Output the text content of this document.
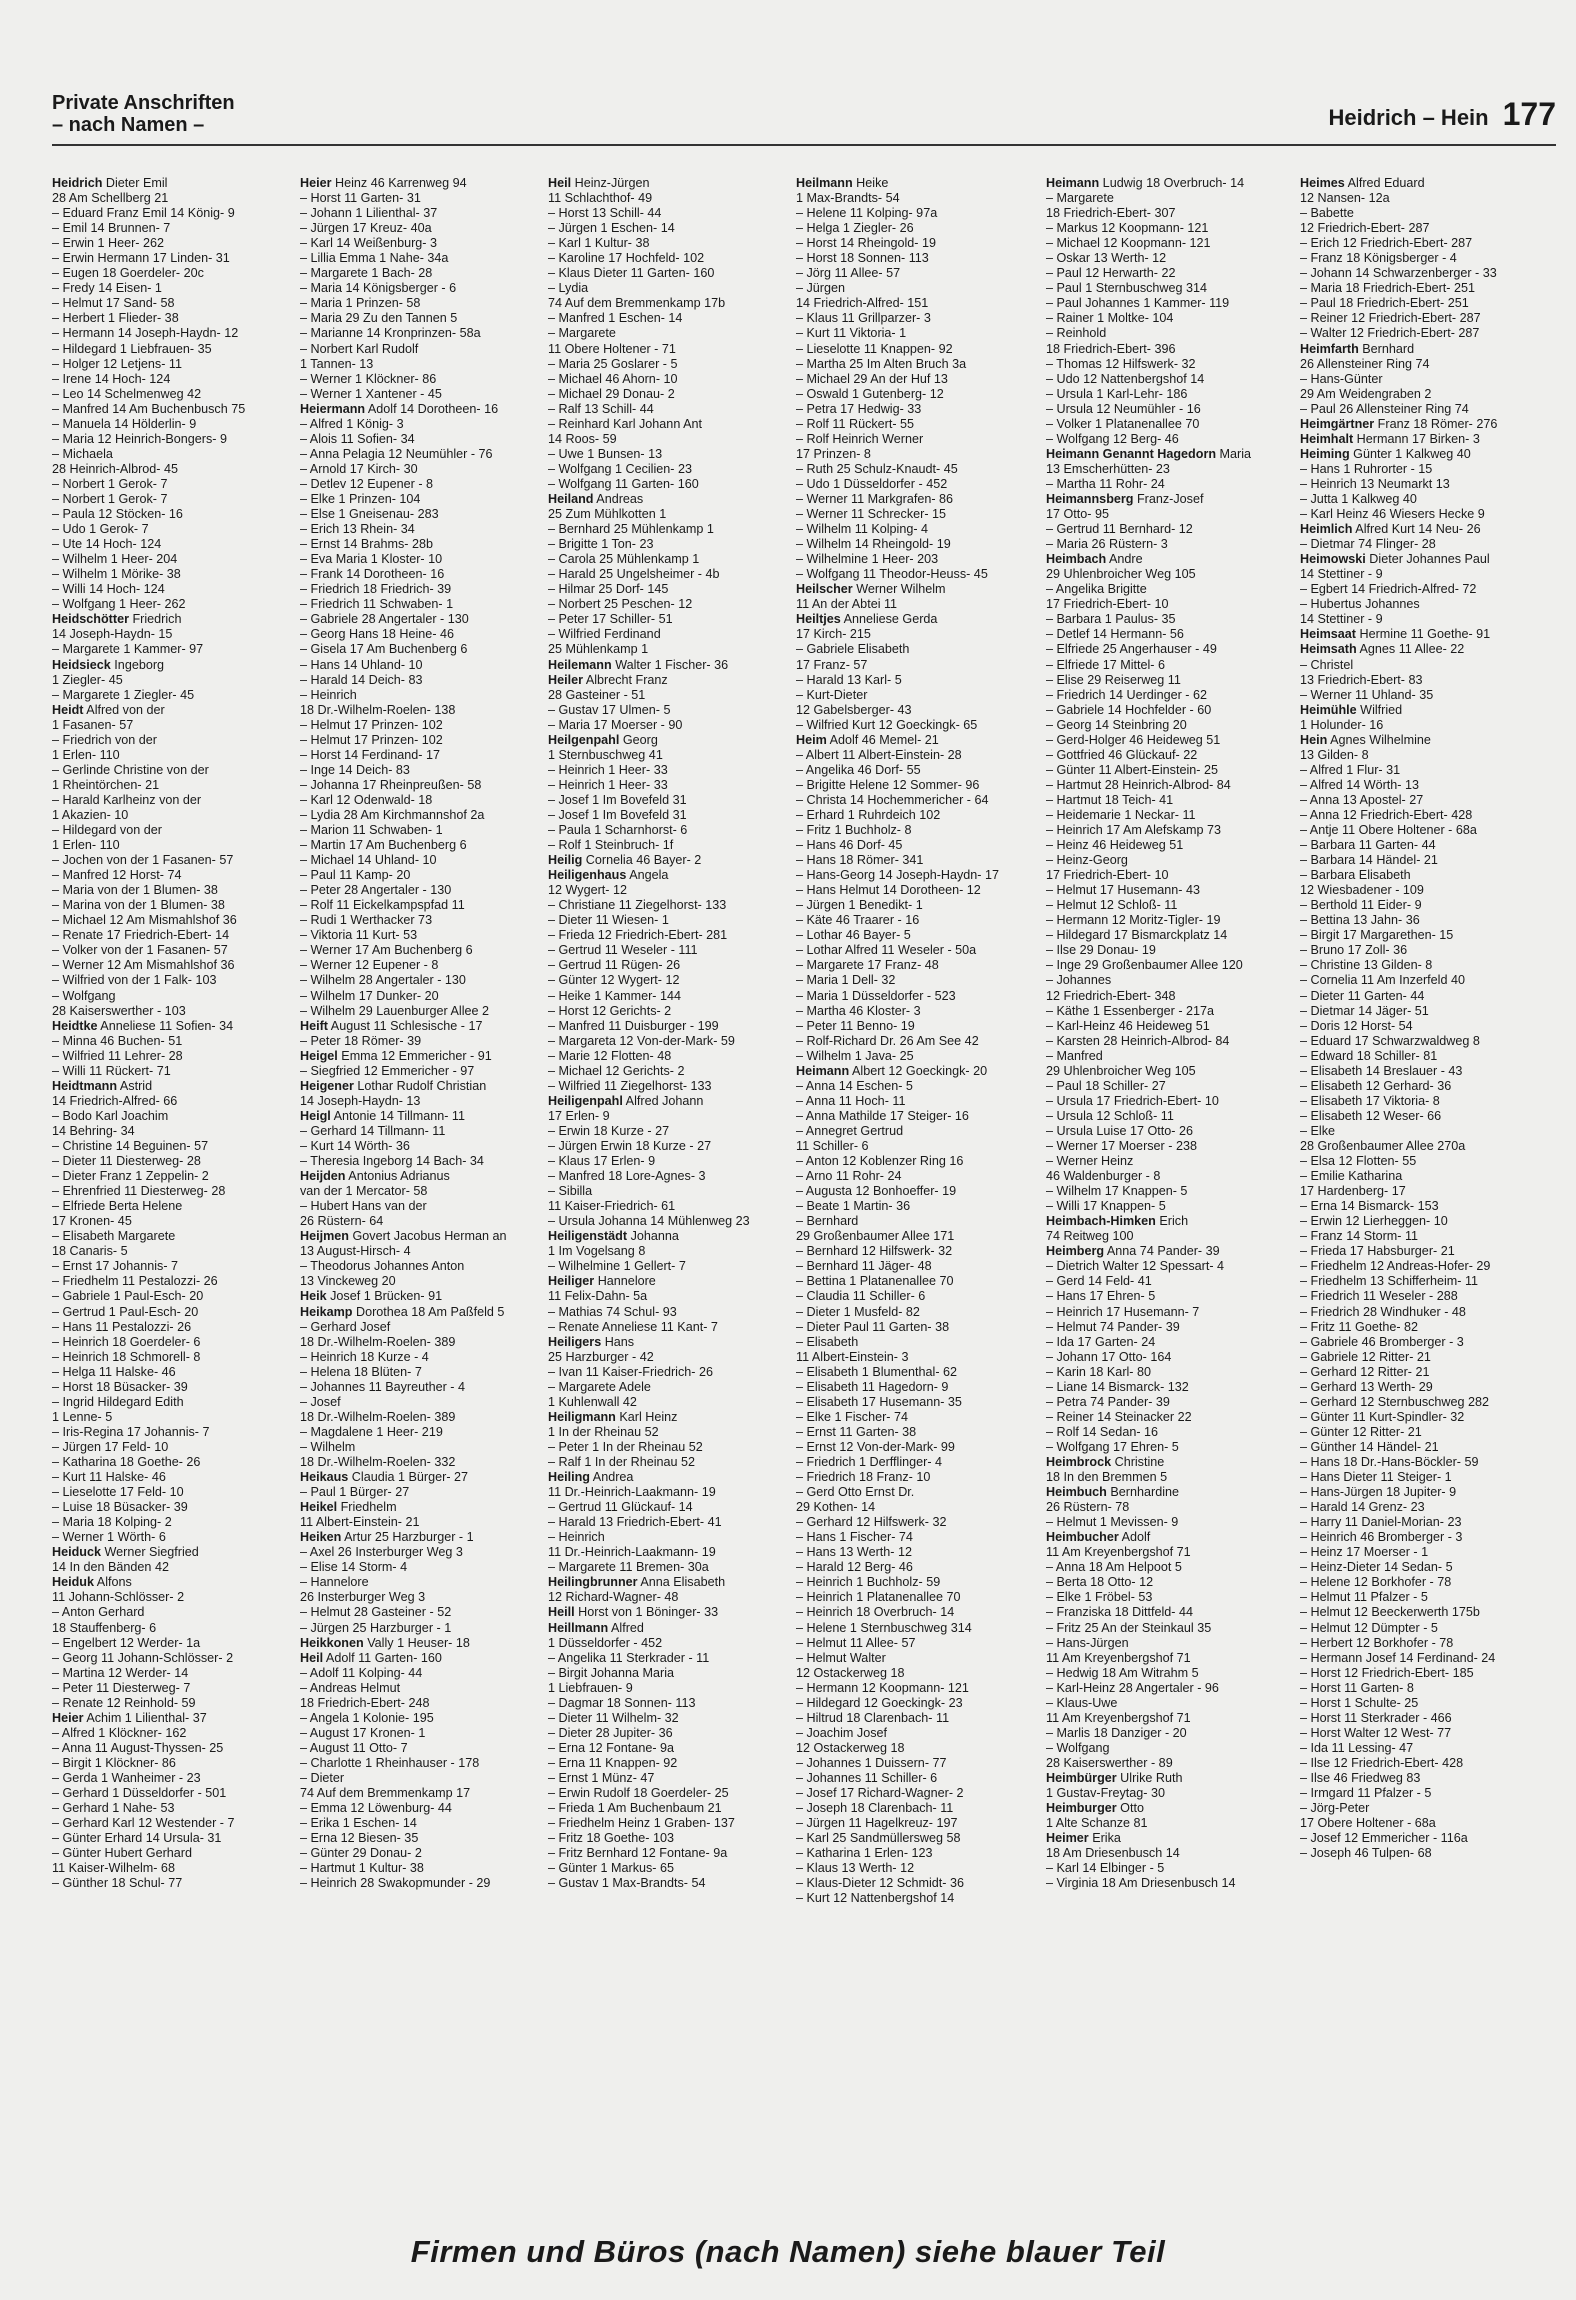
Private Anschriften
– nach Namen –	Heidrich – Hein 177
Heidrich Dieter Emil
28 Am Schellberg 21
– Eduard Franz Emil 14 König- 9
– Emil 14 Brunnen- 7
– Erwin 1 Heer- 262
– Erwin Hermann 17 Linden- 31
– Eugen 18 Goerdeler- 20c
– Fredy 14 Eisen- 1
– Helmut 17 Sand- 58
– Herbert 1 Flieder- 38
– Hermann 14 Joseph-Haydn- 12
– Hildegard 1 Liebfrauen- 35
– Holger 12 Letjens- 11
– Irene 14 Hoch- 124
– Leo 14 Schelmenweg 42
– Manfred 14 Am Buchenbusch 75
– Manuela 14 Hölderlin- 9
– Maria 12 Heinrich-Bongers- 9
– Michaela
28 Heinrich-Albrod- 45
– Norbert 1 Gerok- 7
– Norbert 1 Gerok- 7
– Paula 12 Stöcken- 16
– Udo 1 Gerok- 7
– Ute 14 Hoch- 124
– Wilhelm 1 Heer- 204
– Wilhelm 1 Mörike- 38
– Willi 14 Hoch- 124
– Wolfgang 1 Heer- 262
Heidschötter Friedrich
14 Joseph-Haydn- 15
– Margarete 1 Kammer- 97
Heidsieck Ingeborg
1 Ziegler- 45
– Margarete 1 Ziegler- 45
Heidt Alfred von der
1 Fasanen- 57
– Friedrich von der
1 Erlen- 110
– Gerlinde Christine von der
1 Rheintörchen- 21
– Harald Karlheinz von der
1 Akazien- 10
– Hildegard von der
1 Erlen- 110
– Jochen von der 1 Fasanen- 57
– Manfred 12 Horst- 74
– Maria von der 1 Blumen- 38
– Marina von der 1 Blumen- 38
– Michael 12 Am Mismahlshof 36
– Renate 17 Friedrich-Ebert- 14
– Volker von der 1 Fasanen- 57
– Werner 12 Am Mismahlshof 36
– Wilfried von der 1 Falk- 103
– Wolfgang
28 Kaiserswerther - 103
Heidtke Anneliese 11 Sofien- 34
– Minna 46 Buchen- 51
– Wilfried 11 Lehrer- 28
– Willi 11 Rückert- 71
Heidtmann Astrid
14 Friedrich-Alfred- 66
– Bodo Karl Joachim
14 Behring- 34
– Christine 14 Beguinen- 57
– Dieter 11 Diesterweg- 28
– Dieter Franz 1 Zeppelin- 2
– Ehrenfried 11 Diesterweg- 28
– Elfriede Berta Helene
17 Kronen- 45
– Elisabeth Margarete
18 Canaris- 5
– Ernst 17 Johannis- 7
– Friedhelm 11 Pestalozzi- 26
– Gabriele 1 Paul-Esch- 20
– Gertrud 1 Paul-Esch- 20
– Hans 11 Pestalozzi- 26
– Heinrich 18 Goerdeler- 6
– Heinrich 18 Schmorell- 8
– Helga 11 Halske- 46
– Horst 18 Büsacker- 39
– Ingrid Hildegard Edith
1 Lenne- 5
– Iris-Regina 17 Johannis- 7
– Jürgen 17 Feld- 10
– Katharina 18 Goethe- 26
– Kurt 11 Halske- 46
– Lieselotte 17 Feld- 10
– Luise 18 Büsacker- 39
– Maria 18 Kolping- 2
– Werner 1 Wörth- 6
Heiduck Werner Siegfried
14 In den Bänden 42
Heiduk Alfons
11 Johann-Schlösser- 2
– Anton Gerhard
18 Stauffenberg- 6
– Engelbert 12 Werder- 1a
– Georg 11 Johann-Schlösser- 2
– Martina 12 Werder- 14
– Peter 11 Diesterweg- 7
– Renate 12 Reinhold- 59
Heier Achim 1 Lilienthal- 37
– Alfred 1 Klöckner- 162
– Anna 11 August-Thyssen- 25
– Birgit 1 Klöckner- 86
– Gerda 1 Wanheimer - 23
– Gerhard 1 Düsseldorfer - 501
– Gerhard 1 Nahe- 53
– Gerhard Karl 12 Westender - 7
– Günter Erhard 14 Ursula- 31
– Günter Hubert Gerhard
11 Kaiser-Wilhelm- 68
– Günther 18 Schul- 77
Heier Heinz 46 Karrenweg 94
– Horst 11 Garten- 31
– Johann 1 Lilienthal- 37
– Jürgen 17 Kreuz- 40a
– Karl 14 Weißenburg- 3
– Lillia Emma 1 Nahe- 34a
– Margarete 1 Bach- 28
– Maria 14 Königsberger - 6
– Maria 1 Prinzen- 58
– Maria 29 Zu den Tannen 5
– Marianne 14 Kronprinzen- 58a
– Norbert Karl Rudolf
1 Tannen- 13
– Werner 1 Klöckner- 86
– Werner 1 Xantener - 45
Heiermann Adolf 14 Dorotheen- 16
– Alfred 1 König- 3
– Alois 11 Sofien- 34
– Anna Pelagia 12 Neumühler - 76
– Arnold 17 Kirch- 30
– Detlev 12 Eupener - 8
– Elke 1 Prinzen- 104
– Else 1 Gneisenau- 283
– Erich 13 Rhein- 34
– Ernst 14 Brahms- 28b
– Eva Maria 1 Kloster- 10
– Frank 14 Dorotheen- 16
– Friedrich 18 Friedrich- 39
– Friedrich 11 Schwaben- 1
– Gabriele 28 Angertaler - 130
– Georg Hans 18 Heine- 46
– Gisela 17 Am Buchenberg 6
– Hans 14 Uhland- 10
– Harald 14 Deich- 83
– Heinrich
18 Dr.-Wilhelm-Roelen- 138
– Helmut 17 Prinzen- 102
– Helmut 17 Prinzen- 102
– Horst 14 Ferdinand- 17
– Inge 14 Deich- 83
– Johanna 17 Rheinpreußen- 58
– Karl 12 Odenwald- 18
– Lydia 28 Am Kirchmannshof 2a
– Marion 11 Schwaben- 1
– Martin 17 Am Buchenberg 6
– Michael 14 Uhland- 10
– Paul 11 Kamp- 20
– Peter 28 Angertaler - 130
– Rolf 11 Eickelkampspfad 11
– Rudi 1 Werthacker 73
– Viktoria 11 Kurt- 53
– Werner 17 Am Buchenberg 6
– Werner 12 Eupener - 8
– Wilhelm 28 Angertaler - 130
– Wilhelm 17 Dunker- 20
– Wilhelm 29 Lauenburger Allee 2
Heift August 11 Schlesische - 17
– Peter 18 Römer- 39
Heigel Emma 12 Emmericher - 91
– Siegfried 12 Emmericher - 97
Heigener Lothar Rudolf Christian
14 Joseph-Haydn- 13
Heigl Antonie 14 Tillmann- 11
– Gerhard 14 Tillmann- 11
– Kurt 14 Wörth- 36
– Theresia Ingeborg 14 Bach- 34
Heijden Antonius Adrianus
van der 1 Mercator- 58
– Hubert Hans van der
26 Rüstern- 64
Heijmen Govert Jacobus Herman an
13 August-Hirsch- 4
– Theodorus Johannes Anton
13 Vinckeweg 20
Heik Josef 1 Brücken- 91
Heikamp Dorothea 18 Am Paßfeld 5
– Gerhard Josef
18 Dr.-Wilhelm-Roelen- 389
– Heinrich 18 Kurze - 4
– Helena 18 Blüten- 7
– Johannes 11 Bayreuther - 4
– Josef
18 Dr.-Wilhelm-Roelen- 389
– Magdalene 1 Heer- 219
– Wilhelm
18 Dr.-Wilhelm-Roelen- 332
Heikaus Claudia 1 Bürger- 27
– Paul 1 Bürger- 27
Heikel Friedhelm
11 Albert-Einstein- 21
Heiken Artur 25 Harzburger - 1
– Axel 26 Insterburger Weg 3
– Elise 14 Storm- 4
– Hannelore
26 Insterburger Weg 3
– Helmut 28 Gasteiner - 52
– Jürgen 25 Harzburger - 1
Heikkonen Vally 1 Heuser- 18
Heil Adolf 11 Garten- 160
– Adolf 11 Kolping- 44
– Andreas Helmut
18 Friedrich-Ebert- 248
– Angela 1 Kolonie- 195
– August 17 Kronen- 1
– August 11 Otto- 7
– Charlotte 1 Rheinhauser - 178
– Dieter
74 Auf dem Bremmenkamp 17
– Emma 12 Löwenburg- 44
– Erika 1 Eschen- 14
– Erna 12 Biesen- 35
– Günter 29 Donau- 2
– Hartmut 1 Kultur- 38
– Heinrich 28 Swakopmunder - 29
Heil Heinz-Jürgen
11 Schlachthof- 49
– Horst 13 Schill- 44
– Jürgen 1 Eschen- 14
– Karl 1 Kultur- 38
– Karoline 17 Hochfeld- 102
– Klaus Dieter 11 Garten- 160
– Lydia
74 Auf dem Bremmenkamp 17b
– Manfred 1 Eschen- 14
– Margarete
11 Obere Holtener - 71
– Maria 25 Goslarer - 5
– Michael 46 Ahorn- 10
– Michael 29 Donau- 2
– Ralf 13 Schill- 44
– Reinhard Karl Johann Ant
14 Roos- 59
– Uwe 1 Bunsen- 13
– Wolfgang 1 Cecilien- 23
– Wolfgang 11 Garten- 160
Heiland Andreas
25 Zum Mühlkotten 1
– Bernhard 25 Mühlenkamp 1
– Brigitte 1 Ton- 23
– Carola 25 Mühlenkamp 1
– Harald 25 Ungelsheimer - 4b
– Hilmar 25 Dorf- 145
– Norbert 25 Peschen- 12
– Peter 17 Schiller- 51
– Wilfried Ferdinand
25 Mühlenkamp 1
Heilemann Walter 1 Fischer- 36
Heiler Albrecht Franz
28 Gasteiner - 51
– Gustav 17 Ulmen- 5
– Maria 17 Moerser - 90
Heilgenpahl Georg
1 Sternbuschweg 41
– Heinrich 1 Heer- 33
– Heinrich 1 Heer- 33
– Josef 1 Im Bovefeld 31
– Josef 1 Im Bovefeld 31
– Paula 1 Scharnhorst- 6
– Rolf 1 Steinbruch- 1f
Heilig Cornelia 46 Bayer- 2
Heiligenhaus Angela
12 Wygert- 12
– Christiane 11 Ziegelhorst- 133
– Dieter 11 Wiesen- 1
– Frieda 12 Friedrich-Ebert- 281
– Gertrud 11 Weseler - 111
– Gertrud 11 Rügen- 26
– Günter 12 Wygert- 12
– Heike 1 Kammer- 144
– Horst 12 Gerichts- 2
– Manfred 11 Duisburger - 199
– Margareta 12 Von-der-Mark- 59
– Marie 12 Flotten- 48
– Michael 12 Gerichts- 2
– Wilfried 11 Ziegelhorst- 133
Heiligenpahl Alfred Johann
17 Erlen- 9
– Erwin 18 Kurze - 27
– Jürgen Erwin 18 Kurze - 27
– Klaus 17 Erlen- 9
– Manfred 18 Lore-Agnes- 3
– Sibilla
11 Kaiser-Friedrich- 61
– Ursula Johanna 14 Mühlenweg 23
Heiligenstädt Johanna
1 Im Vogelsang 8
– Wilhelmine 1 Gellert- 7
Heiliger Hannelore
11 Felix-Dahn- 5a
– Mathias 74 Schul- 93
– Renate Anneliese 11 Kant- 7
Heiligers Hans
25 Harzburger - 42
– Ivan 11 Kaiser-Friedrich- 26
– Margarete Adele
1 Kuhlenwall 42
Heiligmann Karl Heinz
1 In der Rheinau 52
– Peter 1 In der Rheinau 52
– Ralf 1 In der Rheinau 52
Heiling Andrea
11 Dr.-Heinrich-Laakmann- 19
– Gertrud 11 Glückauf- 14
– Harald 13 Friedrich-Ebert- 41
– Heinrich
11 Dr.-Heinrich-Laakmann- 19
– Margarete 11 Bremen- 30a
Heilingbrunner Anna Elisabeth
12 Richard-Wagner- 48
Heill Horst von 1 Böninger- 33
Heillmann Alfred
1 Düsseldorfer - 452
– Angelika 11 Sterkrader - 11
– Birgit Johanna Maria
1 Liebfrauen- 9
– Dagmar 18 Sonnen- 113
– Dieter 11 Wilhelm- 32
– Dieter 28 Jupiter- 36
– Erna 12 Fontane- 9a
– Erna 11 Knappen- 92
– Ernst 1 Münz- 47
– Erwin Rudolf 18 Goerdeler- 25
– Frieda 1 Am Buchenbaum 21
– Friedhelm Heinz 1 Graben- 137
– Fritz 18 Goethe- 103
– Fritz Bernhard 12 Fontane- 9a
– Günter 1 Markus- 65
– Gustav 1 Max-Brandts- 54
Heilmann Heike
1 Max-Brandts- 54
– Helene 11 Kolping- 97a
– Helga 1 Ziegler- 26
– Horst 14 Rheingold- 19
– Horst 18 Sonnen- 113
– Jörg 11 Allee- 57
– Jürgen
14 Friedrich-Alfred- 151
– Klaus 11 Grillparzer- 3
– Kurt 11 Viktoria- 1
– Lieselotte 11 Knappen- 92
– Martha 25 Im Alten Bruch 3a
– Michael 29 An der Huf 13
– Oswald 1 Gutenberg- 12
– Petra 17 Hedwig- 33
– Rolf 11 Rückert- 55
– Rolf Heinrich Werner
17 Prinzen- 8
– Ruth 25 Schulz-Knaudt- 45
– Udo 1 Düsseldorfer - 452
– Werner 11 Markgrafen- 86
– Werner 11 Schrecker- 15
– Wilhelm 11 Kolping- 4
– Wilhelm 14 Rheingold- 19
– Wilhelmine 1 Heer- 203
– Wolfgang 11 Theodor-Heuss- 45
Heilscher Werner Wilhelm
11 An der Abtei 11
Heiltjes Anneliese Gerda
17 Kirch- 215
– Gabriele Elisabeth
17 Franz- 57
– Harald 13 Karl- 5
– Kurt-Dieter
12 Gabelsberger- 43
– Wilfried Kurt 12 Goeckingk- 65
Heim Adolf 46 Memel- 21
– Albert 11 Albert-Einstein- 28
– Angelika 46 Dorf- 55
– Brigitte Helene 12 Sommer- 96
– Christa 14 Hochemmericher - 64
– Erhard 1 Ruhrdeich 102
– Fritz 1 Buchholz- 8
– Hans 46 Dorf- 45
– Hans 18 Römer- 341
– Hans-Georg 14 Joseph-Haydn- 17
– Hans Helmut 14 Dorotheen- 12
– Jürgen 1 Benedikt- 1
– Käte 46 Traarer - 16
– Lothar 46 Bayer- 5
– Lothar Alfred 11 Weseler - 50a
– Margarete 17 Franz- 48
– Maria 1 Dell- 32
– Maria 1 Düsseldorfer - 523
– Martha 46 Kloster- 3
– Peter 11 Benno- 19
– Rolf-Richard Dr. 26 Am See 42
– Wilhelm 1 Java- 25
Heimann Albert 12 Goeckingk- 20
– Anna 14 Eschen- 5
– Anna 11 Hoch- 11
– Anna Mathilde 17 Steiger- 16
– Annegret Gertrud
11 Schiller- 6
– Anton 12 Koblenzer Ring 16
– Arno 11 Rohr- 24
– Augusta 12 Bonhoeffer- 19
– Beate 1 Martin- 36
– Bernhard
29 Großenbaumer Allee 171
– Bernhard 12 Hilfswerk- 32
– Bernhard 11 Jäger- 48
– Bettina 1 Platanenallee 70
– Claudia 11 Schiller- 6
– Dieter 1 Musfeld- 82
– Dieter Paul 11 Garten- 38
– Elisabeth
11 Albert-Einstein- 3
– Elisabeth 1 Blumenthal- 62
– Elisabeth 11 Hagedorn- 9
– Elisabeth 17 Husemann- 35
– Elke 1 Fischer- 74
– Ernst 11 Garten- 38
– Ernst 12 Von-der-Mark- 99
– Friedrich 1 Derfflinger- 4
– Friedrich 18 Franz- 10
– Gerd Otto Ernst Dr.
29 Kothen- 14
– Gerhard 12 Hilfswerk- 32
– Hans 1 Fischer- 74
– Hans 13 Werth- 12
– Harald 12 Berg- 46
– Heinrich 1 Buchholz- 59
– Heinrich 1 Platanenallee 70
– Heinrich 18 Overbruch- 14
– Helene 1 Sternbuschweg 314
– Helmut 11 Allee- 57
– Helmut Walter
12 Ostackerweg 18
– Hermann 12 Koopmann- 121
– Hildegard 12 Goeckingk- 23
– Hiltrud 18 Clarenbach- 11
– Joachim Josef
12 Ostackerweg 18
– Johannes 1 Duissern- 77
– Johannes 11 Schiller- 6
– Josef 17 Richard-Wagner- 2
– Joseph 18 Clarenbach- 11
– Jürgen 11 Hagelkreuz- 197
– Karl 25 Sandmüllersweg 58
– Katharina 1 Erlen- 123
– Klaus 13 Werth- 12
– Klaus-Dieter 12 Schmidt- 36
– Kurt 12 Nattenbergshof 14
Heimann Ludwig 18 Overbruch- 14
– Margarete
18 Friedrich-Ebert- 307
– Markus 12 Koopmann- 121
– Michael 12 Koopmann- 121
– Oskar 13 Werth- 12
– Paul 12 Herwarth- 22
– Paul 1 Sternbuschweg 314
– Paul Johannes 1 Kammer- 119
– Rainer 1 Moltke- 104
– Reinhold
18 Friedrich-Ebert- 396
– Thomas 12 Hilfswerk- 32
– Udo 12 Nattenbergshof 14
– Ursula 1 Karl-Lehr- 186
– Ursula 12 Neumühler - 16
– Volker 1 Platanenallee 70
– Wolfgang 12 Berg- 46
Heimann Genannt Hagedorn Maria
13 Emscherhütten- 23
– Martha 11 Rohr- 24
Heimannsberg Franz-Josef
17 Otto- 95
– Gertrud 11 Bernhard- 12
– Maria 26 Rüstern- 3
Heimbach Andre
29 Uhlenbroicher Weg 105
– Angelika Brigitte
17 Friedrich-Ebert- 10
– Barbara 1 Paulus- 35
– Detlef 14 Hermann- 56
– Elfriede 25 Angerhauser - 49
– Elfriede 17 Mittel- 6
– Elise 29 Reiserweg 11
– Friedrich 14 Uerdinger - 62
– Gabriele 14 Hochfelder - 60
– Georg 14 Steinbring 20
– Gerd-Holger 46 Heideweg 51
– Gottfried 46 Glückauf- 22
– Günter 11 Albert-Einstein- 25
– Hartmut 28 Heinrich-Albrod- 84
– Hartmut 18 Teich- 41
– Heidemarie 1 Neckar- 11
– Heinrich 17 Am Alefskamp 73
– Heinz 46 Heideweg 51
– Heinz-Georg
17 Friedrich-Ebert- 10
– Helmut 17 Husemann- 43
– Helmut 12 Schloß- 11
– Hermann 12 Moritz-Tigler- 19
– Hildegard 17 Bismarckplatz 14
– Ilse 29 Donau- 19
– Inge 29 Großenbaumer Allee 120
– Johannes
12 Friedrich-Ebert- 348
– Käthe 1 Essenberger - 217a
– Karl-Heinz 46 Heideweg 51
– Karsten 28 Heinrich-Albrod- 84
– Manfred
29 Uhlenbroicher Weg 105
– Paul 18 Schiller- 27
– Ursula 17 Friedrich-Ebert- 10
– Ursula 12 Schloß- 11
– Ursula Luise 17 Otto- 26
– Werner 17 Moerser - 238
– Werner Heinz
46 Waldenburger - 8
– Wilhelm 17 Knappen- 5
– Willi 17 Knappen- 5
Heimbach-Himken Erich
74 Reitweg 100
Heimberg Anna 74 Pander- 39
– Dietrich Walter 12 Spessart- 4
– Gerd 14 Feld- 41
– Hans 17 Ehren- 5
– Heinrich 17 Husemann- 7
– Helmut 74 Pander- 39
– Ida 17 Garten- 24
– Johann 17 Otto- 164
– Karin 18 Karl- 80
– Liane 14 Bismarck- 132
– Petra 74 Pander- 39
– Reiner 14 Steinacker 22
– Rolf 14 Sedan- 16
– Wolfgang 17 Ehren- 5
Heimbrock Christine
18 In den Bremmen 5
Heimbuch Bernhardine
26 Rüstern- 78
– Helmut 1 Mevissen- 9
Heimbucher Adolf
11 Am Kreyenbergshof 71
– Anna 18 Am Helpoot 5
– Berta 18 Otto- 12
– Elke 1 Fröbel- 53
– Franziska 18 Dittfeld- 44
– Fritz 25 An der Steinkaul 35
– Hans-Jürgen
11 Am Kreyenbergshof 71
– Hedwig 18 Am Witrahm 5
– Karl-Heinz 28 Angertaler - 96
– Klaus-Uwe
11 Am Kreyenbergshof 71
– Marlis 18 Danziger - 20
– Wolfgang
28 Kaiserswerther - 89
Heimbürger Ulrike Ruth
1 Gustav-Freytag- 30
Heimburger Otto
1 Alte Schanze 81
Heimer Erika
18 Am Driesenbusch 14
– Karl 14 Elbinger - 5
– Virginia 18 Am Driesenbusch 14
Heimes Alfred Eduard
12 Nansen- 12a
– Babette
12 Friedrich-Ebert- 287
– Erich 12 Friedrich-Ebert- 287
– Franz 18 Königsberger - 4
– Johann 14 Schwarzenberger - 33
– Maria 18 Friedrich-Ebert- 251
– Paul 18 Friedrich-Ebert- 251
– Reiner 12 Friedrich-Ebert- 287
– Walter 12 Friedrich-Ebert- 287
Heimfarth Bernhard
26 Allensteiner Ring 74
– Hans-Günter
29 Am Weidengraben 2
– Paul 26 Allensteiner Ring 74
Heimgärtner Franz 18 Römer- 276
Heimhalt Hermann 17 Birken- 3
Heiming Günter 1 Kalkweg 40
– Hans 1 Ruhrorter - 15
– Heinrich 13 Neumarkt 13
– Jutta 1 Kalkweg 40
– Karl Heinz 46 Wiesers Hecke 9
Heimlich Alfred Kurt 14 Neu- 26
– Dietmar 74 Flinger- 28
Heimowski Dieter Johannes Paul
14 Stettiner - 9
– Egbert 14 Friedrich-Alfred- 72
– Hubertus Johannes
14 Stettiner - 9
Heimsaat Hermine 11 Goethe- 91
Heimsath Agnes 11 Allee- 22
– Christel
13 Friedrich-Ebert- 83
– Werner 11 Uhland- 35
Heimühle Wilfried
1 Holunder- 16
Hein Agnes Wilhelmine
13 Gilden- 8
– Alfred 1 Flur- 31
– Alfred 14 Wörth- 13
– Anna 13 Apostel- 27
– Anna 12 Friedrich-Ebert- 428
– Antje 11 Obere Holtener - 68a
– Barbara 11 Garten- 44
– Barbara 14 Händel- 21
– Barbara Elisabeth
12 Wiesbadener - 109
– Berthold 11 Eider- 9
– Bettina 13 Jahn- 36
– Birgit 17 Margarethen- 15
– Bruno 17 Zoll- 36
– Christine 13 Gilden- 8
– Cornelia 11 Am Inzerfeld 40
– Dieter 11 Garten- 44
– Dietmar 14 Jäger- 51
– Doris 12 Horst- 54
– Eduard 17 Schwarzwaldweg 8
– Edward 18 Schiller- 81
– Elisabeth 14 Breslauer - 43
– Elisabeth 12 Gerhard- 36
– Elisabeth 17 Viktoria- 8
– Elisabeth 12 Weser- 66
– Elke
28 Großenbaumer Allee 270a
– Elsa 12 Flotten- 55
– Emilie Katharina
17 Hardenberg- 17
– Erna 14 Bismarck- 153
– Erwin 12 Lierheggen- 10
– Franz 14 Storm- 11
– Frieda 17 Habsburger- 21
– Friedhelm 12 Andreas-Hofer- 29
– Friedhelm 13 Schifferheim- 11
– Friedrich 11 Weseler - 288
– Friedrich 28 Windhuker - 48
– Fritz 11 Goethe- 82
– Gabriele 46 Bromberger - 3
– Gabriele 12 Ritter- 21
– Gerhard 12 Ritter- 21
– Gerhard 13 Werth- 29
– Gerhard 12 Sternbuschweg 282
– Günter 11 Kurt-Spindler- 32
– Günter 12 Ritter- 21
– Günther 14 Händel- 21
– Hans 18 Dr.-Hans-Böckler- 59
– Hans Dieter 11 Steiger- 1
– Hans-Jürgen 18 Jupiter- 9
– Harald 14 Grenz- 23
– Harry 11 Daniel-Morian- 23
– Heinrich 46 Bromberger - 3
– Heinz 17 Moerser - 1
– Heinz-Dieter 14 Sedan- 5
– Helene 12 Borkhofer - 78
– Helmut 11 Pfalzer - 5
– Helmut 12 Beeckerwerth 175b
– Helmut 12 Dümpter - 5
– Herbert 12 Borkhofer - 78
– Hermann Josef 14 Ferdinand- 24
– Horst 12 Friedrich-Ebert- 185
– Horst 11 Garten- 8
– Horst 1 Schulte- 25
– Horst 11 Sterkrader - 466
– Horst Walter 12 West- 77
– Ida 11 Lessing- 47
– Ilse 12 Friedrich-Ebert- 428
– Ilse 46 Friedweg 83
– Irmgard 11 Pfalzer - 5
– Jörg-Peter
17 Obere Holtener - 68a
– Josef 12 Emmericher - 116a
– Joseph 46 Tulpen- 68
Firmen und Büros (nach Namen) siehe blauer Teil
